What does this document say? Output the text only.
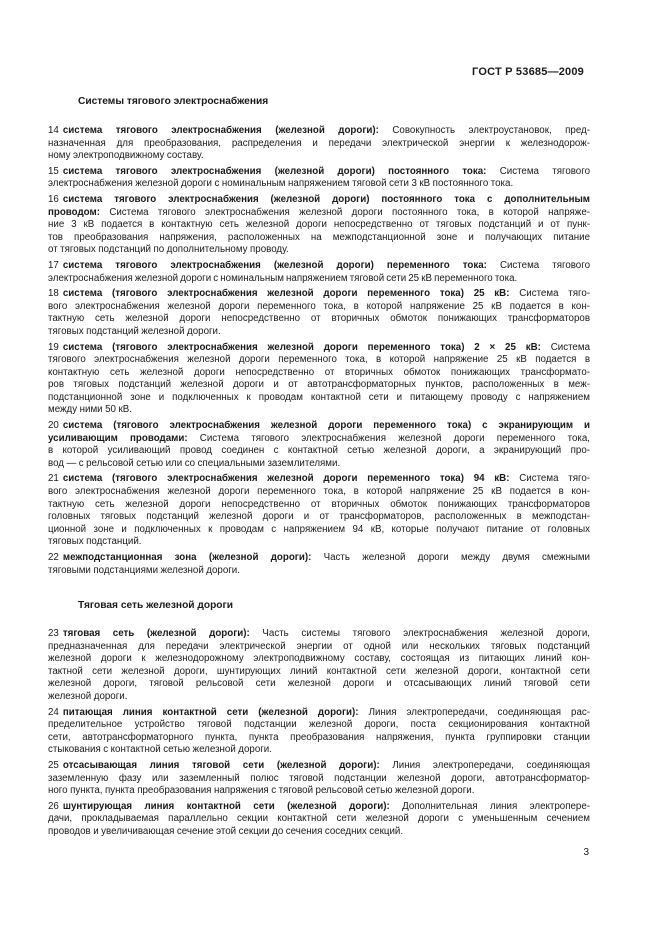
ГОСТ Р 53685—2009
Системы тягового электроснабжения
14 система тягового электроснабжения (железной дороги): Совокупность электроустановок, пред-
назначенная для преобразования, распределения и передачи электрической энергии к железнодорож-
ному электроподвижному составу.
15 система тягового электроснабжения (железной дороги) постоянного тока: Система тягового
электроснабжения железной дороги с номинальным напряжением тяговой сети 3 кВ постоянного тока.
16 система тягового электроснабжения (железной дороги) постоянного тока с дополнительным
проводом: Система тягового электроснабжения железной дороги постоянного тока, в которой напряже-
ние 3 кВ подается в контактную сеть железной дороги непосредственно от тяговых подстанций и от пунк-
тов преобразования напряжения, расположенных на межподстанционной зоне и получающих питание
от тяговых подстанций по дополнительному проводу.
17 система тягового электроснабжения (железной дороги) переменного тока: Система тягового
электроснабжения железной дороги с номинальным напряжением тяговой сети 25 кВ переменного тока.
18 система (тягового электроснабжения железной дороги переменного тока) 25 кВ: Система тяго-
вого электроснабжения железной дороги переменного тока, в которой напряжение 25 кВ подается в кон-
тактную сеть железной дороги непосредственно от вторичных обмоток понижающих трансформаторов
тяговых подстанций железной дороги.
19 система (тягового электроснабжения железной дороги переменного тока) 2 × 25 кВ: Система
тягового электроснабжения железной дороги переменного тока, в которой напряжение 25 кВ подается в
контактную сеть железной дороги непосредственно от вторичных обмоток понижающих трансформато-
ров тяговых подстанций железной дороги и от автотрансформаторных пунктов, расположенных в меж-
подстанционной зоне и подключенных к проводам контактной сети и питающему проводу с напряжением
между ними 50 кВ.
20 система (тягового электроснабжения железной дороги переменного тока) с экранирующим и
усиливающим проводами: Система тягового электроснабжения железной дороги переменного тока,
в которой усиливающий провод соединен с контактной сетью железной дороги, а экранирующий про-
вод — с рельсовой сетью или со специальными заземлителями.
21 система (тягового электроснабжения железной дороги переменного тока) 94 кВ: Система тяго-
вого электроснабжения железной дороги переменного тока, в которой напряжение 25 кВ подается в кон-
тактную сеть железной дороги непосредственно от вторичных обмоток понижающих трансформаторов
головных тяговых подстанций железной дороги и от трансформаторов, расположенных в межподстан-
ционной зоне и подключенных к проводам с напряжением 94 кВ, которые получают питание от головных
тяговых подстанций.
22 межподстанционная зона (железной дороги): Часть железной дороги между двумя смежными
тяговыми подстанциями железной дороги.
Тяговая сеть железной дороги
23 тяговая сеть (железной дороги): Часть системы тягового электроснабжения железной дороги,
предназначенная для передачи электрической энергии от одной или нескольких тяговых подстанций
железной дороги к железнодорожному электроподвижному составу, состоящая из питающих линий кон-
тактной сети железной дороги, шунтирующих линий контактной сети железной дороги, контактной сети
железной дороги, тяговой рельсовой сети железной дороги и отсасывающих линий тяговой сети
железной дороги.
24 питающая линия контактной сети (железной дороги): Линия электропередачи, соединяющая рас-
пределительное устройство тяговой подстанции железной дороги, поста секционирования контактной
сети, автотрансформаторного пункта, пункта преобразования напряжения, пункта группировки станции
стыкования с контактной сетью железной дороги.
25 отсасывающая линия тяговой сети (железной дороги): Линия электропередачи, соединяющая
заземленную фазу или заземленный полюс тяговой подстанции железной дороги, автотрансформатор-
ного пункта, пункта преобразования напряжения с тяговой рельсовой сетью железной дороги.
26 шунтирующая линия контактной сети (железной дороги): Дополнительная линия электропере-
дачи, прокладываемая параллельно секции контактной сети железной дороги с уменьшенным сечением
проводов и увеличивающая сечение этой секции до сечения соседних секций.
3
